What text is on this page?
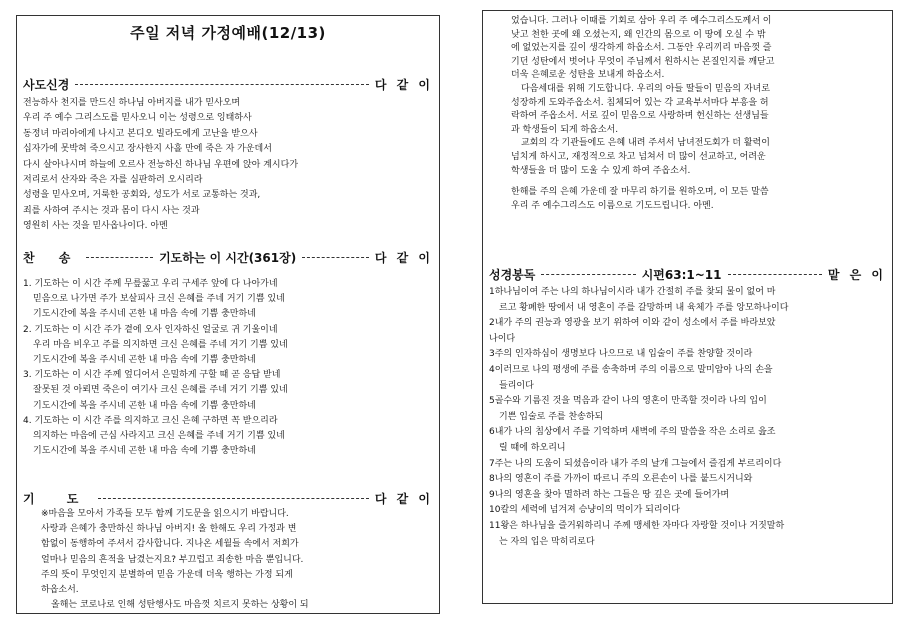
주일 저녁 가정예배(12/13)
사도신경	다 같 이
전능하사 천지를 만드신 하나님 아버지를 내가 믿사오며
우리 주 예수 그리스도를 믿사오니 이는 성령으로 잉태하사
동정녀 마리아에게 나시고 본디오 빌라도에게 고난을 받으사
십자가에 못박혀 죽으시고 장사한지 사흘 만에 죽은 자 가운데서
다시 살아나시며 하늘에 오르사 전능하신 하나님 우편에 앉아 계시다가
저리로서 산자와 죽은 자를 심판하러 오시리라
성령을 믿사오며, 거룩한 공회와, 성도가 서로 교통하는 것과,
죄를 사하여 주시는 것과 몸이 다시 사는 것과
영원히 사는 것을 믿사옵나이다. 아멘
찬 송	기도하는 이 시간(361장)	다 같 이
1. 기도하는 이 시간 주께 무릎꿇고 우리 구세주 앞에 다 나아가네
믿음으로 나가면 주가 보살피사 크신 은혜를 주네 거기 기쁨 있네
기도시간에 복을 주시네 곤한 내 마음 속에 기쁨 충만하네
2. 기도하는 이 시간 주가 곁에 오사 인자하신 얼굴로 귀 기울이네
우리 마음 비우고 주를 의지하면 크신 은혜를 주네 거기 기쁨 있네
기도시간에 복을 주시네 곤한 내 마음 속에 기쁨 충만하네
3. 기도하는 이 시간 주께 엎디어서 은밀하게 구할 때 곧 응답 받네
잘못된 것 아뢰면 죽은이 여기사 크신 은혜를 주네 거기 기쁨 있네
기도시간에 복을 주시네 곤한 내 마음 속에 기쁨 충만하네
4. 기도하는 이 시간 주를 의지하고 크신 은혜 구하면 꼭 받으리라
의지하는 마음에 근심 사라지고 크신 은혜를 주네 거기 기쁨 있네
기도시간에 복을 주시네 곤한 내 마음 속에 기쁨 충만하네
기 도	다 같 이
※마음을 모아서 가족들 모두 함께 기도문을 읽으시기 바랍니다.
사랑과 은혜가 충만하신 하나님 아버지! 올 한해도 우리 가정과 변
함없이 동행하여 주셔서 감사합니다. 지나온 세월들 속에서 저희가
얼마나 믿음의 흔적을 남겼는지요? 부끄럽고 죄송한 마음 뿐입니다.
주의 뜻이 무엇인지 분별하여 믿음 가운데 더욱 행하는 가정 되게
하옵소서.
올해는 코로나로 인해 성탄행사도 마음껏 치르지 못하는 상황이 되
었습니다. 그러나 이때를 기회로 삼아 우리 주 예수그리스도께서 이
낮고 천한 곳에 왜 오셨는지, 왜 인간의 몸으로 이 땅에 오실 수 밖
에 없었는지를 깊이 생각하게 하옵소서. 그동안 우리끼리 마음껏 즐
기던 성탄에서 벗어나 무엇이 주님께서 원하시는 본질인지를 깨닫고
더욱 은혜로운 성탄을 보내게 하옵소서.
다음세대를 위해 기도합니다. 우리의 아들 딸들이 믿음의 자녀로
성장하게 도와주옵소서. 침체되어 있는 각 교육부서마다 부흥을 허
락하여 주옵소서. 서로 깊이 믿음으로 사랑하며 헌신하는 선생님들
과 학생들이 되게 하옵소서.
교회의 각 기관들에도 은혜 내려 주셔서 남녀전도회가 더 활력이
넘치게 하시고, 재정적으로 차고 넘쳐서 더 많이 선교하고, 어려운
학생들을 더 많이 도울 수 있게 하여 주옵소서.
한해를 주의 은혜 가운데 잘 마무리 하기를 원하오며, 이 모든 말씀
우리 주 예수그리스도 이름으로 기도드립니다. 아멘.
성경봉독	시편63:1~11	맡 은 이
1하나님이여 주는 나의 하나님이시라 내가 간절히 주를 찾되 물이 없어 마
르고 황폐한 땅에서 내 영혼이 주를 갈망하며 내 육체가 주를 앙모하나이다
2내가 주의 권능과 영광을 보기 위하여 이와 같이 성소에서 주를 바라보았
나이다
3주의 인자하심이 생명보다 나으므로 내 입술이 주를 찬양할 것이라
4이러므로 나의 평생에 주를 송축하며 주의 이름으로 말미암아 나의 손을
들리이다
5골수와 기름진 것을 먹음과 같이 나의 영혼이 만족할 것이라 나의 입이
기쁜 입술로 주를 찬송하되
6내가 나의 침상에서 주를 기억하며 새벽에 주의 말씀을 작은 소리로 읊조
릴 때에 하오리니
7주는 나의 도움이 되셨음이라 내가 주의 날개 그늘에서 즐겁게 부르리이다
8나의 영혼이 주를 가까이 따르니 주의 오른손이 나를 붙드시거니와
9나의 영혼을 찾아 멸하려 하는 그들은 땅 깊은 곳에 들어가며
10칼의 세력에 넘겨져 승냥이의 먹이가 되리이다
11왕은 하나님을 즐거워하리니 주께 맹세한 자마다 자랑할 것이나 거짓말하
는 자의 입은 막히리로다
